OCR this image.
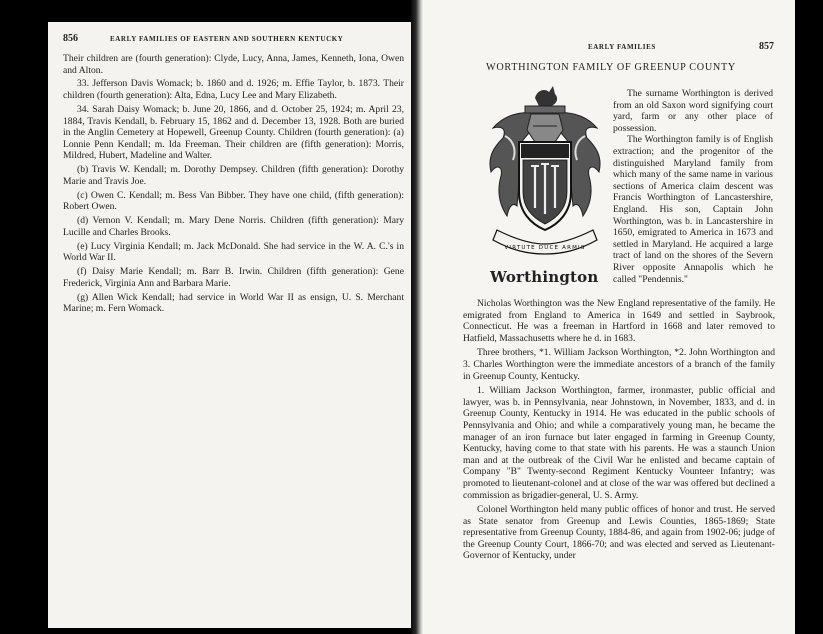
856	EARLY FAMILIES OF EASTERN AND SOUTHERN KENTUCKY

Their children are (fourth generation): Clyde, Lucy, Anna, James, Kenneth, Iona, Owen and Alton.

33. Jefferson Davis Womack; b. 1860 and d. 1926; m. Effie Taylor, b. 1873. Their children (fourth generation): Alta, Edna, Lucy Lee and Mary Elizabeth.

34. Sarah Daisy Womack; b. June 20, 1866, and d. October 25, 1924; m. April 23, 1884, Travis Kendall, b. February 15, 1862 and d. December 13, 1928. Both are buried in the Anglin Cemetery at Hopewell, Greenup County. Children (fourth generation): (a) Lonnie Penn Kendall; m. Ida Freeman. Their children are (fifth generation): Morris, Mildred, Hubert, Madeline and Walter.

(b) Travis W. Kendall; m. Dorothy Dempsey. Children (fifth generation): Dorothy Marie and Travis Joe.

(c) Owen C. Kendall; m. Bess Van Bibber. They have one child, (fifth generation): Robert Owen.

(d) Vernon V. Kendall; m. Mary Dene Norris. Children (fifth generation): Mary Lucille and Charles Brooks.

(e) Lucy Virginia Kendall; m. Jack McDonald. She had service in the W. A. C.'s in World War II.

(f) Daisy Marie Kendall; m. Barr B. Irwin. Children (fifth generation): Gene Frederick, Virginia Ann and Barbara Marie.

(g) Allen Wick Kendall; had service in World War II as ensign, U. S. Merchant Marine; m. Fern Womack.

EARLY FAMILIES	857
WORTHINGTON FAMILY OF GREENUP COUNTY
VIRTUTE DUCE ARMIS
Worthington

The surname Worthington is derived from an old Saxon word signifying court yard, farm or any other place of possession.

The Worthington family is of English extraction; and the progenitor of the distinguished Maryland family from which many of the same name in various sections of America claim descent was Francis Worthington of Lancastershire, England. His son, Captain John Worthington, was b. in Lancastershire in 1650, emigrated to America in 1673 and settled in Maryland. He acquired a large tract of land on the shores of the Severn River opposite Annapolis which he called "Pendennis."

Nicholas Worthington was the New England representative of the family. He emigrated from England to America in 1649 and settled in Saybrook, Connecticut. He was a freeman in Hartford in 1668 and later removed to Hatfield, Massachusetts where he d. in 1683.

Three brothers, *1. William Jackson Worthington, *2. John Worthington and 3. Charles Worthington were the immediate ancestors of a branch of the family in Greenup County, Kentucky.

1. William Jackson Worthington, farmer, ironmaster, public official and lawyer, was b. in Pennsylvania, near Johnstown, in November, 1833, and d. in Greenup County, Kentucky in 1914. He was educated in the public schools of Pennsylvania and Ohio; and while a comparatively young man, he became the manager of an iron furnace but later engaged in farming in Greenup County, Kentucky, having come to that state with his parents. He was a staunch Union man and at the outbreak of the Civil War he enlisted and became captain of Company "B" Twenty-second Regiment Kentucky Vounteer Infantry; was promoted to lieutenant-colonel and at close of the war was offered but declined a commission as brigadier-general, U. S. Army.

Colonel Worthington held many public offices of honor and trust. He served as State senator from Greenup and Lewis Counties, 1865-1869; State representative from Greenup County, 1884-86, and again from 1902-06; judge of the Greenup County Court, 1866-70; and was elected and served as Lieutenant-Governor of Kentucky, under
